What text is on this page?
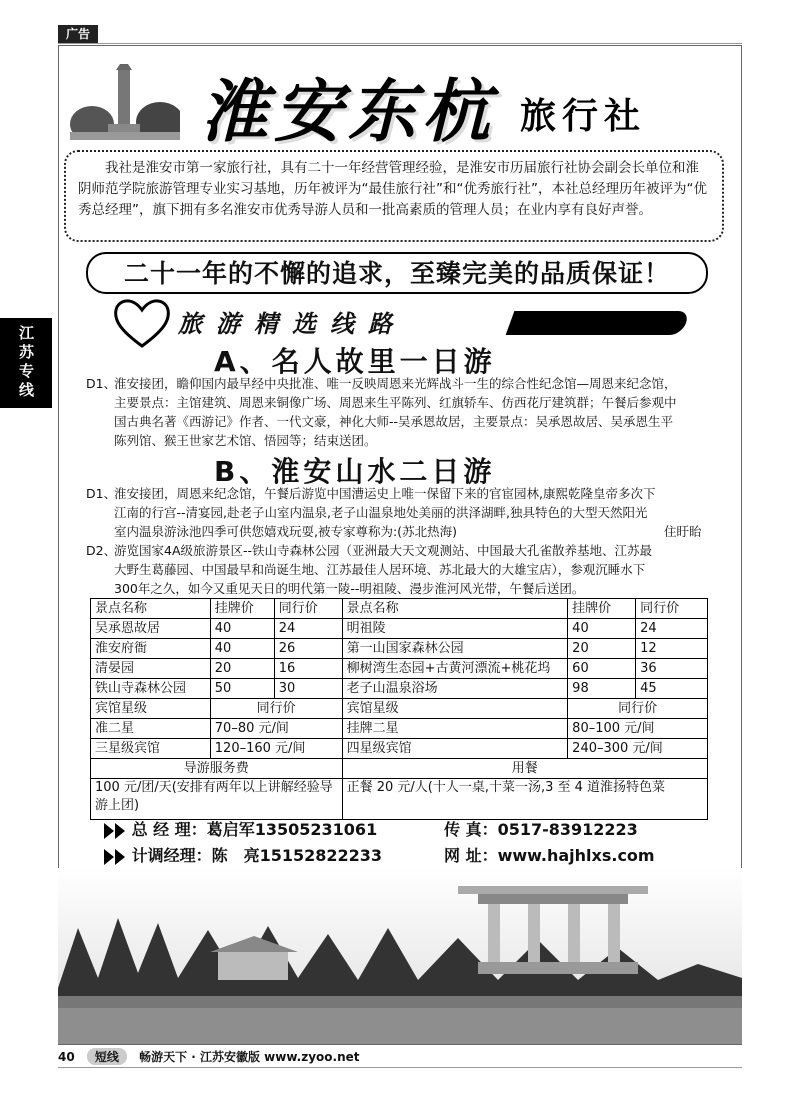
广告
江苏专线
淮安东杭 旅行社
我社是淮安市第一家旅行社，具有二十一年经营管理经验，是淮安市历届旅行社协会副会长单位和淮阴师范学院旅游管理专业实习基地，历年被评为“最佳旅行社”和“优秀旅行社”，本社总经理历年被评为“优秀总经理”，旗下拥有多名淮安市优秀导游人员和一批高素质的管理人员；在业内享有良好声誉。
二十一年的不懈的追求，至臻完美的品质保证！
旅游精选线路
A、名人故里一日游
D1、
淮安接团，瞻仰国内最早经中央批准、唯一反映周恩来光辉战斗一生的综合性纪念馆—周恩来纪念馆，
主要景点：主馆建筑、周恩来铜像广场、周恩来生平陈列、红旗轿车、仿西花厅建筑群；午餐后参观中
国古典名著《西游记》作者、一代文豪，神化大师--吴承恩故居，主要景点：吴承恩故居、吴承恩生平
陈列馆、猴王世家艺术馆、悟园等；结束送团。
B、淮安山水二日游
D1、
淮安接团，周恩来纪念馆，午餐后游览中国漕运史上唯一保留下来的官宦园林,康熙乾隆皇帝多次下
江南的行宫--清宴园,赴老子山室内温泉,老子山温泉地处美丽的洪泽湖畔,独具特色的大型天然阳光
室内温泉游泳池四季可供您嬉戏玩耍,被专家尊称为:(苏北热海)	住盱眙
D2、
游览国家4A级旅游景区--铁山寺森林公园（亚洲最大天文观测站、中国最大孔雀散养基地、江苏最
大野生葛藤园、中国最早和尚诞生地、江苏最佳人居环境、苏北最大的大雄宝店），参观沉睡水下
300年之久，如今又重见天日的明代第一陵--明祖陵、漫步淮河风光带，午餐后送团。
景点名称	挂牌价	同行价	景点名称	挂牌价	同行价
吴承恩故居	40	24	明祖陵	40	24
淮安府衙	40	26	第一山国家森林公园	20	12
清晏园	20	16	柳树湾生态园+古黄河漂流+桃花坞	60	36
铁山寺森林公园	50	30	老子山温泉浴场	98	45
宾馆星级	同行价		宾馆星级	同行价	
准二星	70–80 元/间		挂牌二星	80–100 元/间	
三星级宾馆	120–160 元/间		四星级宾馆	240–300 元/间	
导游服务费			用餐		
100 元/团/天(安排有两年以上讲解经验导游上团)			正餐 20 元/人(十人一桌,十菜一汤,3 至 4 道淮扬特色菜		
总 经 理：葛启军13505231061	传 真：0517-83912223
计调经理：陈　亮15152822233	网 址：www.hajhlxs.com
40 短线 畅游天下 · 江苏安徽版 www.zyoo.net
